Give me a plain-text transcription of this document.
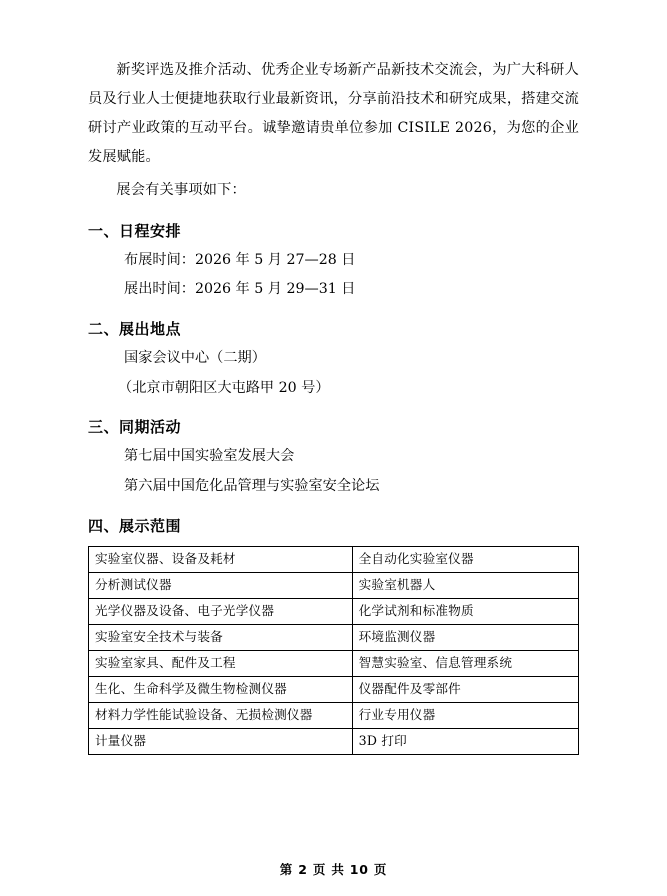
新奖评选及推介活动、优秀企业专场新产品新技术交流会，为广大科研人员及行业人士便捷地获取行业最新资讯，分享前沿技术和研究成果，搭建交流研讨产业政策的互动平台。诚挚邀请贵单位参加 CISILE 2026，为您的企业发展赋能。

展会有关事项如下：

一、日程安排

布展时间：2026 年 5 月 27—28 日

展出时间：2026 年 5 月 29—31 日

二、展出地点

国家会议中心（二期）

（北京市朝阳区大屯路甲 20 号）

三、同期活动

第七届中国实验室发展大会

第六届中国危化品管理与实验室安全论坛

四、展示范围
实验室仪器、设备及耗材	全自动化实验室仪器
分析测试仪器	实验室机器人
光学仪器及设备、电子光学仪器	化学试剂和标准物质
实验室安全技术与装备	环境监测仪器
实验室家具、配件及工程	智慧实验室、信息管理系统
生化、生命科学及微生物检测仪器	仪器配件及零部件
材料力学性能试验设备、无损检测仪器	行业专用仪器
计量仪器	3D 打印
第 2 页 共 10 页
